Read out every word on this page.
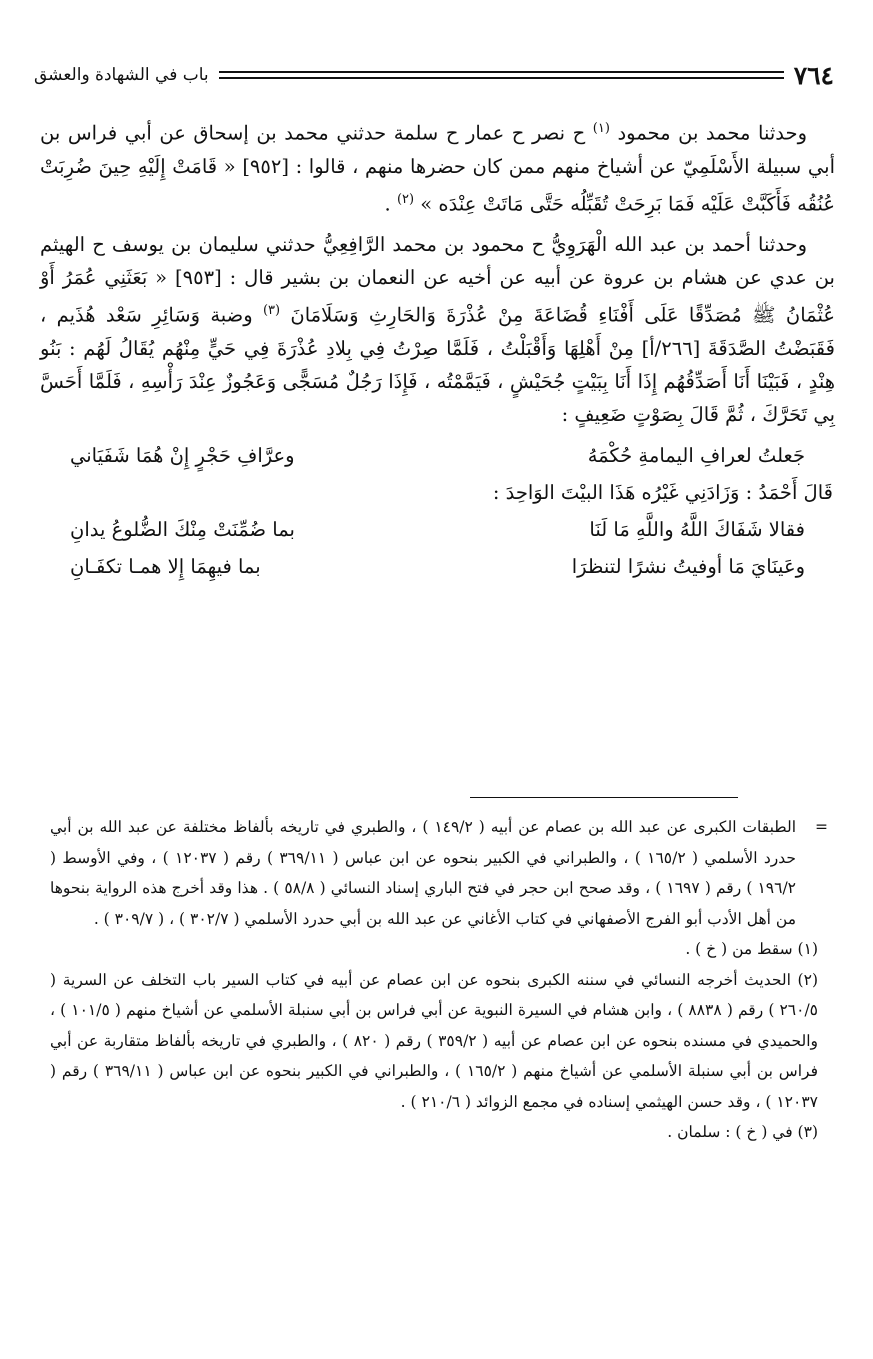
٧٦٤
باب في الشهادة والعشق

وحدثنا محمد بن محمود $^{(١)}$ ح نصر ح عمار ح سلمة حدثني محمد بن إسحاق عن أبي فراس بن أبي سبيلة الأَسْلَمِيّ عن أشياخ منهم ممن كان حضرها منهم ، قالوا : [٩٥٢] « قَامَتْ إِلَيْهِ حِينَ ضُرِبَتْ عُنُقُه فَأَكَبَّتْ عَلَيْه فَمَا بَرِحَتْ تُقَبِّلُه حَتَّى مَاتَتْ عِنْدَه » $^{(٢)}$ .

وحدثنا أحمد بن عبد الله الْهَرَوِيُّ ح محمود بن محمد الرَّافِعِيُّ حدثني سليمان بن يوسف ح الهيثم بن عدي عن هشام بن عروة عن أبيه عن أخيه عن النعمان بن بشير قال : [٩٥٣] « بَعَثَنِي عُمَرُ أَوْ عُثْمَانُ ﷺ مُصَدِّقًا عَلَى أَفْنَاءِ قُضَاعَةَ مِنْ عُذْرَةَ وَالحَارِثِ وَسَلَامَانَ $^{(٣)}$ وضبة وَسَائِرِ سَعْد هُذَيم ، فَقَبَضْتُ الصَّدَقَةَ [٢٦٦/أ] مِنْ أَهْلِهَا وَأَقْبَلْتُ ، فَلَمَّا صِرْتُ فِي بِلادِ عُذْرَةَ فِي حَيٍّ مِنْهُم يُقَالُ لَهُم : بَنُو هِنْدٍ ، فَبَيْنَا أَنَا أَصَدِّقُهُم إِذَا أَنَا بِبَيْتٍ جُحَيْشٍ ، فَيَمَّمْتُه ، فَإِذَا رَجُلٌ مُسَجًّى وَعَجُوزٌ عِنْدَ رَأْسِهِ ، فَلَمَّا أَحَسَّ بِي تَحَرَّكَ ، ثُمَّ قَالَ بِصَوْتٍ ضَعِيفٍ :

جَعلتُ لعرافِ اليمامةِ حُكْمَهُ
وعرَّافِ حَجْرٍ إِنْ هُمَا شَفَيَاني
قَالَ أَحْمَدُ : وَزَادَنِي غَيْرُه هَذَا البيْتَ الوَاحِدَ :
فقالا شَفَاكَ اللَّهُ واللَّهِ مَا لَنَا
بما ضُمِّنَتْ مِنْكَ الضُّلوعُ يدانِ
وعَينَايَ مَا أوفيتُ نشرًا لتنظرَا
بما فيهِمَا إِلا همـا تكفَـانِ

=
الطبقات الكبرى عن عبد الله بن عصام عن أبيه ( ١٤٩/٢ ) ، والطبري في تاريخه بألفاظ مختلفة عن عبد الله بن أبي حدرد الأسلمي ( ١٦٥/٢ ) ، والطبراني في الكبير بنحوه عن ابن عباس ( ٣٦٩/١١ ) رقم ( ١٢٠٣٧ ) ، وفي الأوسط ( ١٩٦/٢ ) رقم ( ١٦٩٧ ) ، وقد صحح ابن حجر في فتح الباري إسناد النسائي ( ٥٨/٨ ) . هذا وقد أخرج هذه الرواية بنحوها من أهل الأدب أبو الفرج الأصفهاني في كتاب الأغاني عن عبد الله بن أبي حدرد الأسلمي ( ٣٠٢/٧ ) ، ( ٣٠٩/٧ ) .

(١) سقط من ( خ ) .

(٢) الحديث أخرجه النسائي في سننه الكبرى بنحوه عن ابن عصام عن أبيه في كتاب السير باب التخلف عن السرية ( ٢٦٠/٥ ) رقم ( ٨٨٣٨ ) ، وابن هشام في السيرة النبوية عن أبي فراس بن أبي سنبلة الأسلمي عن أشياخ منهم ( ١٠١/٥ ) ، والحميدي في مسنده بنحوه عن ابن عصام عن أبيه ( ٣٥٩/٢ ) رقم ( ٨٢٠ ) ، والطبري في تاريخه بألفاظ متقاربة عن أبي فراس بن أبي سنبلة الأسلمي عن أشياخ منهم ( ١٦٥/٢ ) ، والطبراني في الكبير بنحوه عن ابن عباس ( ٣٦٩/١١ ) رقم ( ١٢٠٣٧ ) ، وقد حسن الهيثمي إسناده في مجمع الزوائد ( ٢١٠/٦ ) .

(٣) في ( خ ) : سلمان .
